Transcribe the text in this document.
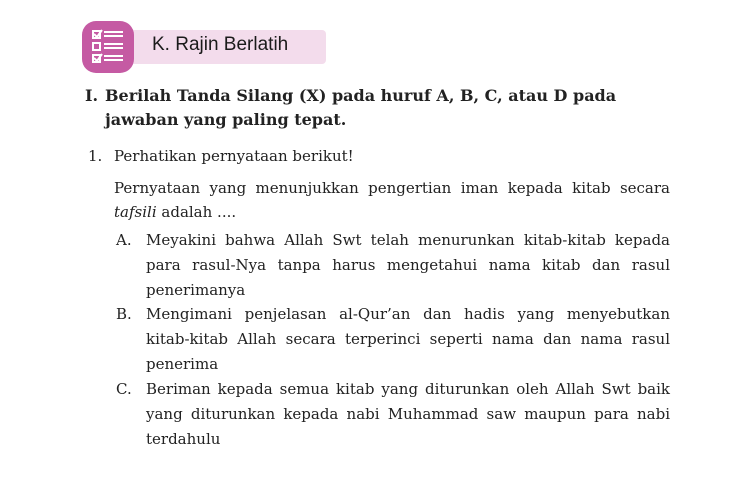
K. Rajin Berlatih
I. Berilah Tanda Silang (X) pada huruf A, B, C, atau D pada jawaban yang paling tepat.
1. Perhatikan pernyataan berikut!
Pernyataan yang menunjukkan pengertian iman kepada kitab secara tafsili adalah ....
A. Meyakini bahwa Allah Swt telah menurunkan kitab-kitab kepada para rasul-Nya tanpa harus mengetahui nama kitab dan rasul penerimanya
B. Mengimani penjelasan al-Qur’an dan hadis yang menyebutkan kitab-kitab Allah secara terperinci seperti nama dan nama rasul penerima
C. Beriman kepada semua kitab yang diturunkan oleh Allah Swt baik yang diturunkan kepada nabi Muhammad saw maupun para nabi terdahulu
